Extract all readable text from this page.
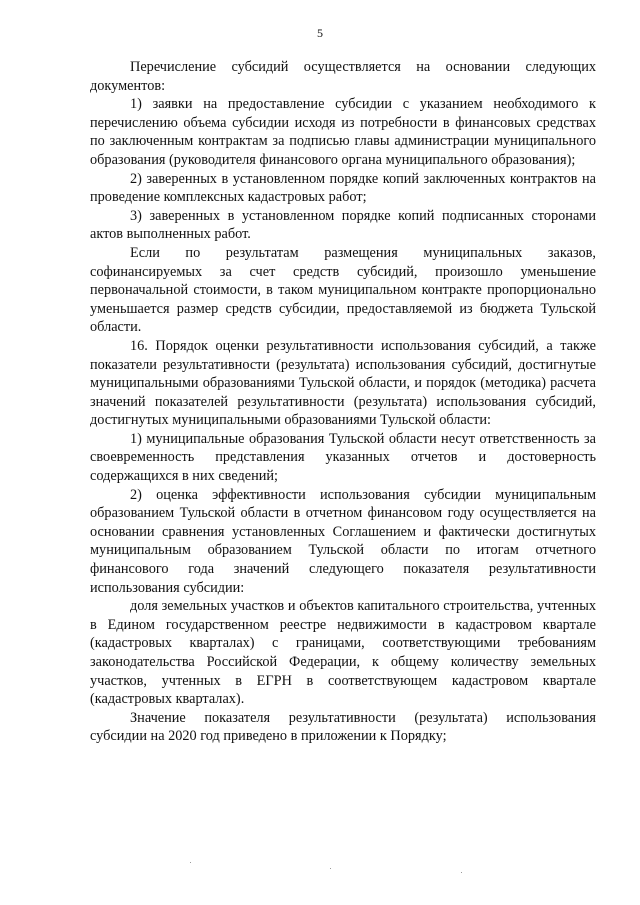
5

Перечисление субсидий осуществляется на основании следующих документов:

1) заявки на предоставление субсидии с указанием необходимого к перечислению объема субсидии исходя из потребности в финансовых средствах по заключенным контрактам за подписью главы администрации муниципального образования (руководителя финансового органа муниципального образования);

2) заверенных в установленном порядке копий заключенных контрактов на проведение комплексных кадастровых работ;

3) заверенных в установленном порядке копий подписанных сторонами актов выполненных работ.

Если по результатам размещения муниципальных заказов, софинансируемых за счет средств субсидий, произошло уменьшение первоначальной стоимости, в таком муниципальном контракте пропорционально уменьшается размер средств субсидии, предоставляемой из бюджета Тульской области.

16. Порядок оценки результативности использования субсидий, а также показатели результативности (результата) использования субсидий, достигнутые муниципальными образованиями Тульской области, и порядок (методика) расчета значений показателей результативности (результата) использования субсидий, достигнутых муниципальными образованиями Тульской области:

1) муниципальные образования Тульской области несут ответственность за своевременность представления указанных отчетов и достоверность содержащихся в них сведений;

2) оценка эффективности использования субсидии муниципальным образованием Тульской области в отчетном финансовом году осуществляется на основании сравнения установленных Соглашением и фактически достигнутых муниципальным образованием Тульской области по итогам отчетного финансового года значений следующего показателя результативности использования субсидии:

доля земельных участков и объектов капитального строительства, учтенных в Едином государственном реестре недвижимости в кадастровом квартале (кадастровых кварталах) с границами, соответствующими требованиям законодательства Российской Федерации, к общему количеству земельных участков, учтенных в ЕГРН в соответствующем кадастровом квартале (кадастровых кварталах).

Значение показателя результативности (результата) использования субсидии на 2020 год приведено в приложении к Порядку;
